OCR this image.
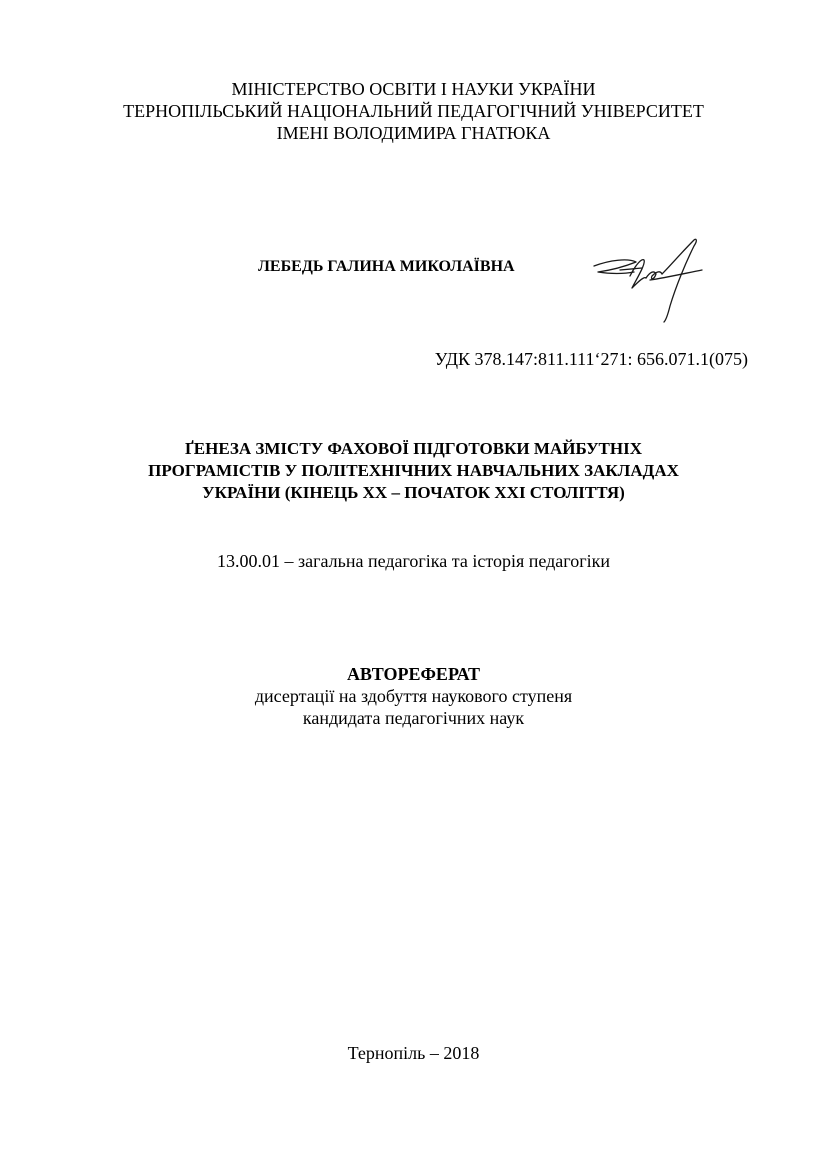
МІНІСТЕРСТВО ОСВІТИ І НАУКИ УКРАЇНИ
ТЕРНОПІЛЬСЬКИЙ НАЦІОНАЛЬНИЙ ПЕДАГОГІЧНИЙ УНІВЕРСИТЕТ
ІМЕНІ ВОЛОДИМИРА ГНАТЮКА
ЛЕБЕДЬ ГАЛИНА МИКОЛАЇВНА
УДК 378.147:811.111‘271: 656.071.1(075)
ҐЕНЕЗА ЗМІСТУ ФАХОВОЇ ПІДГОТОВКИ МАЙБУТНІХ
ПРОГРАМІСТІВ У ПОЛІТЕХНІЧНИХ НАВЧАЛЬНИХ ЗАКЛАДАХ
УКРАЇНИ (КІНЕЦЬ ХХ – ПОЧАТОК ХХІ СТОЛІТТЯ)
13.00.01 – загальна педагогіка та історія педагогіки
АВТОРЕФЕРАТ
дисертації на здобуття наукового ступеня
кандидата педагогічних наук
Тернопіль – 2018
